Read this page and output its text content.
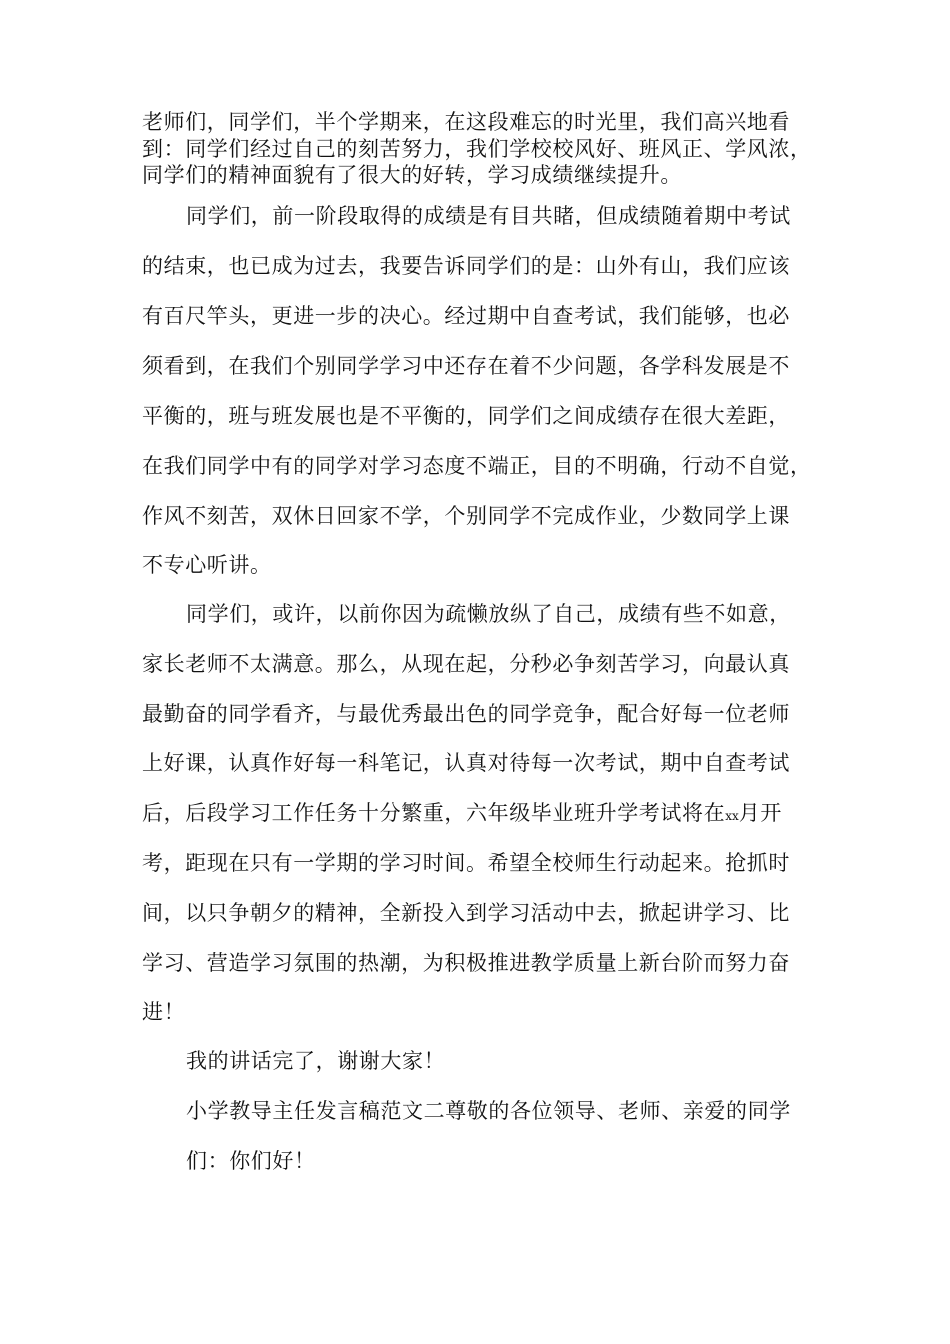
老师们，同学们，半个学期来，在这段难忘的时光里，我们高兴地看
到：同学们经过自己的刻苦努力，我们学校校风好、班风正、学风浓，
同学们的精神面貌有了很大的好转，学习成绩继续提升。
同学们，前一阶段取得的成绩是有目共睹，但成绩随着期中考试
的结束，也已成为过去，我要告诉同学们的是：山外有山，我们应该
有百尺竿头，更进一步的决心。经过期中自查考试，我们能够，也必
须看到，在我们个别同学学习中还存在着不少问题，各学科发展是不
平衡的，班与班发展也是不平衡的，同学们之间成绩存在很大差距，
在我们同学中有的同学对学习态度不端正，目的不明确，行动不自觉，
作风不刻苦，双休日回家不学，个别同学不完成作业，少数同学上课
不专心听讲。
同学们，或许，以前你因为疏懒放纵了自己，成绩有些不如意，
家长老师不太满意。那么，从现在起，分秒必争刻苦学习，向最认真
最勤奋的同学看齐，与最优秀最出色的同学竞争，配合好每一位老师
上好课，认真作好每一科笔记，认真对待每一次考试，期中自查考试
后，后段学习工作任务十分繁重，六年级毕业班升学考试将在xx月开
考，距现在只有一学期的学习时间。希望全校师生行动起来。抢抓时
间，以只争朝夕的精神，全新投入到学习活动中去，掀起讲学习、比
学习、营造学习氛围的热潮，为积极推进教学质量上新台阶而努力奋
进！
我的讲话完了，谢谢大家！
小学教导主任发言稿范文二尊敬的各位领导、老师、亲爱的同学
们：你们好！
